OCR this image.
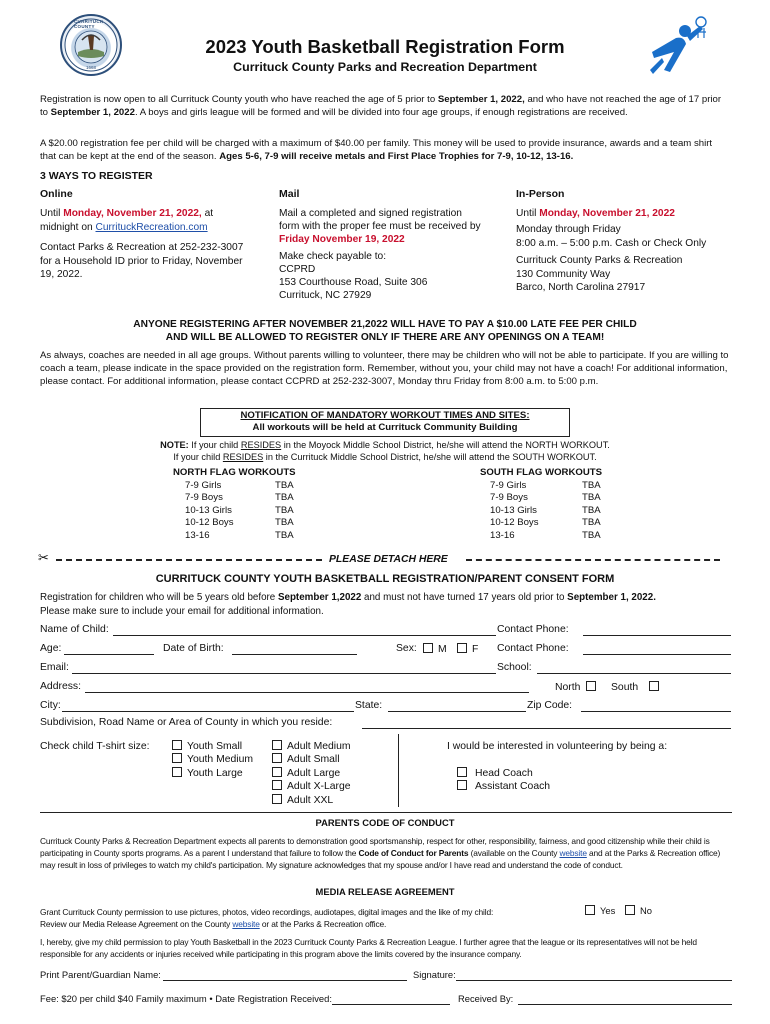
CURRITUCK COUNTY
1668
2023 Youth Basketball Registration Form
Currituck County Parks and Recreation Department
Registration is now open to all Currituck County youth who have reached the age of 5 prior to September 1, 2022, and who have not reached the age of 17 prior to September 1, 2022. A boys and girls league will be formed and will be divided into four age groups, if enough registrations are received.
A $20.00 registration fee per child will be charged with a maximum of $40.00 per family. This money will be used to provide insurance, awards and a team shirt that can be kept at the end of the season. Ages 5-6, 7-9 will receive metals and First Place Trophies for 7-9, 10-12, 13-16.
3 WAYS TO REGISTER
Online	Mail	In-Person
Until Monday, November 21, 2022, at
midnight on CurrituckRecreation.com
Contact Parks & Recreation at 252-232-3007
for a Household ID prior to Friday, November
19, 2022.
Mail a completed and signed registration
form with the proper fee must be received by
Friday November 19, 2022
Make check payable to:
CCPRD
153 Courthouse Road, Suite 306
Currituck, NC 27929
Until Monday, November 21, 2022
Monday through Friday
8:00 a.m. – 5:00 p.m. Cash or Check Only
Currituck County Parks & Recreation
130 Community Way
Barco, North Carolina 27917
ANYONE REGISTERING AFTER NOVEMBER 21,2022 WILL HAVE TO PAY A $10.00 LATE FEE PER CHILD
AND WILL BE ALLOWED TO REGISTER ONLY IF THERE ARE ANY OPENINGS ON A TEAM!
As always, coaches are needed in all age groups. Without parents willing to volunteer, there may be children who will not be able to participate. If you are willing to coach a team, please indicate in the space provided on the registration form. Remember, without you, your child may not have a coach! For additional information, please contact. For additional information, please contact CCPRD at 252-232-3007, Monday thru Friday from 8:00 a.m. to 5:00 p.m.
NOTIFICATION OF MANDATORY WORKOUT TIMES AND SITES:
All workouts will be held at Currituck Community Building
NOTE: If your child RESIDES in the Moyock Middle School District, he/she will attend the NORTH WORKOUT.
If your child RESIDES in the Currituck Middle School District, he/she will attend the SOUTH WORKOUT.
NORTH FLAG WORKOUTS
7-9 Girls	TBA
7-9 Boys	TBA
10-13 Girls	TBA
10-12 Boys	TBA
13-16	TBA
SOUTH FLAG WORKOUTS
7-9 Girls	TBA
7-9 Boys	TBA
10-13 Girls	TBA
10-12 Boys	TBA
13-16	TBA
✂	PLEASE DETACH HERE
CURRITUCK COUNTY YOUTH BASKETBALL REGISTRATION/PARENT CONSENT FORM
Registration for children who will be 5 years old before September 1,2022 and must not have turned 17 years old prior to September 1, 2022.
Please make sure to include your email for additional information.
Name of Child:	Contact Phone:
Age:	Date of Birth:	Sex:	M	F Contact Phone:
Email:	School:
Address:	North	South
City:	State:	Zip Code:
Subdivision, Road Name or Area of County in which you reside:
Check child T-shirt size:	Youth Small
Youth Medium
Youth Large
Adult Medium
Adult Small
Adult Large
Adult X-Large
Adult XXL
I would be interested in volunteering by being a:
Head Coach
Assistant Coach
PARENTS CODE OF CONDUCT
Currituck County Parks & Recreation Department expects all parents to demonstration good sportsmanship, respect for other, responsibility, fairness, and good citizenship while their child is participating in County sports programs. As a parent I understand that failure to follow the Code of Conduct for Parents (available on the County website and at the Parks & Recreation office) may result in loss of privileges to watch my child's participation. My signature acknowledges that my spouse and/or I have read and understand the code of conduct.
MEDIA RELEASE AGREEMENT
Grant Currituck County permission to use pictures, photos, video recordings, audiotapes, digital images and the like of my child:
Review our Media Release Agreement on the County website or at the Parks & Recreation office.
Yes	No
I, hereby, give my child permission to play Youth Basketball in the 2023 Currituck County Parks & Recreation League. I further agree that the league or its representatives will not be held responsible for any accidents or injuries received while participating in this program above the limits covered by the insurance company.
Print Parent/Guardian Name:	Signature:
Fee: $20 per child $40 Family maximum • Date Registration Received:	Received By:
